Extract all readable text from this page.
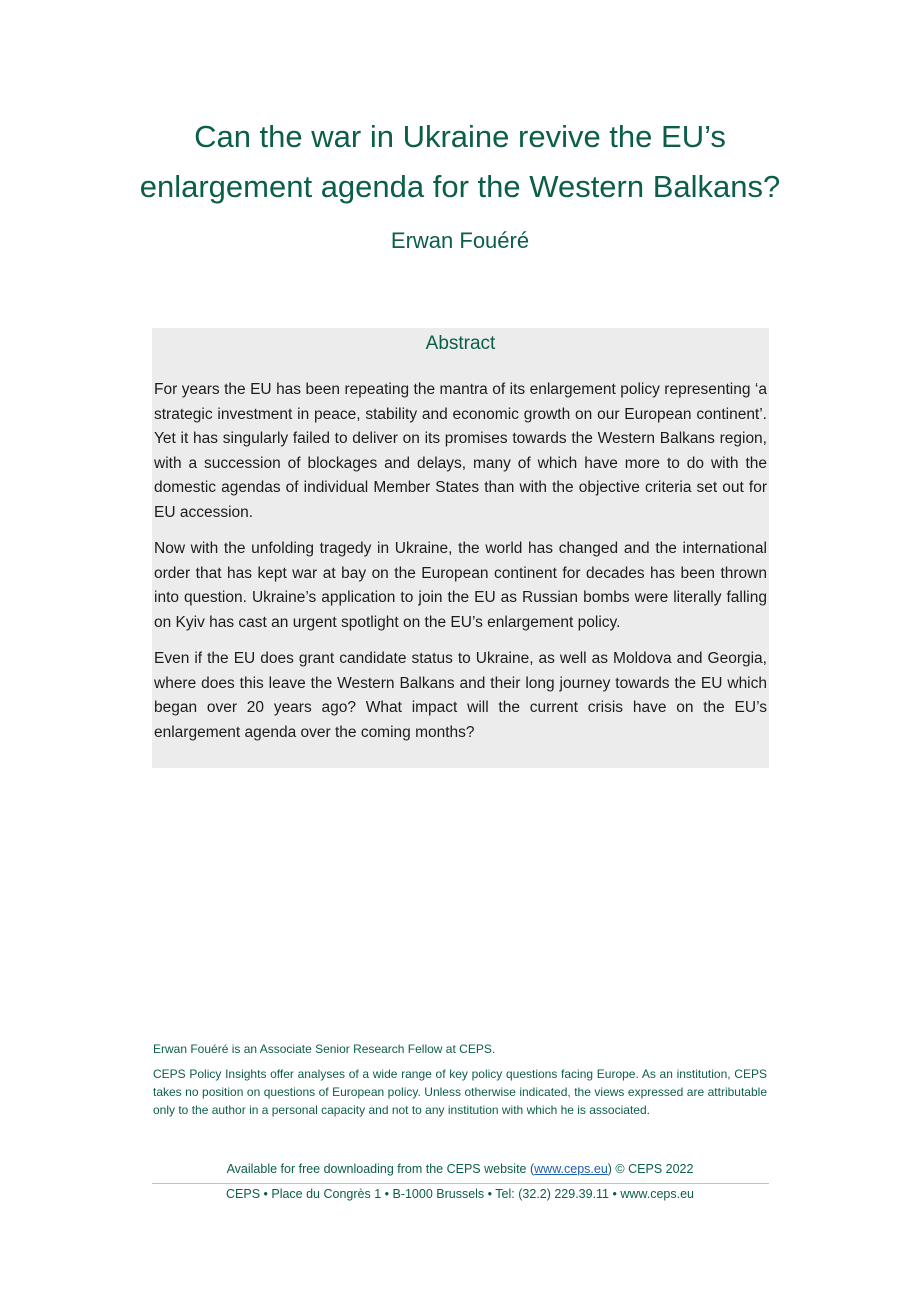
Can the war in Ukraine revive the EU’s
enlargement agenda for the Western Balkans?
Erwan Fouéré
Abstract

For years the EU has been repeating the mantra of its enlargement policy representing ‘a strategic investment in peace, stability and economic growth on our European continent’. Yet it has singularly failed to deliver on its promises towards the Western Balkans region, with a succession of blockages and delays, many of which have more to do with the domestic agendas of individual Member States than with the objective criteria set out for EU accession.

Now with the unfolding tragedy in Ukraine, the world has changed and the international order that has kept war at bay on the European continent for decades has been thrown into question. Ukraine’s application to join the EU as Russian bombs were literally falling on Kyiv has cast an urgent spotlight on the EU’s enlargement policy.

Even if the EU does grant candidate status to Ukraine, as well as Moldova and Georgia, where does this leave the Western Balkans and their long journey towards the EU which began over 20 years ago? What impact will the current crisis have on the EU’s enlargement agenda over the coming months?

Erwan Fouéré is an Associate Senior Research Fellow at CEPS.

CEPS Policy Insights offer analyses of a wide range of key policy questions facing Europe. As an institution, CEPS takes no position on questions of European policy. Unless otherwise indicated, the views expressed are attributable only to the author in a personal capacity and not to any institution with which he is associated.

Available for free downloading from the CEPS website (www.ceps.eu) © CEPS 2022
CEPS • Place du Congrès 1 • B-1000 Brussels • Tel: (32.2) 229.39.11 • www.ceps.eu
